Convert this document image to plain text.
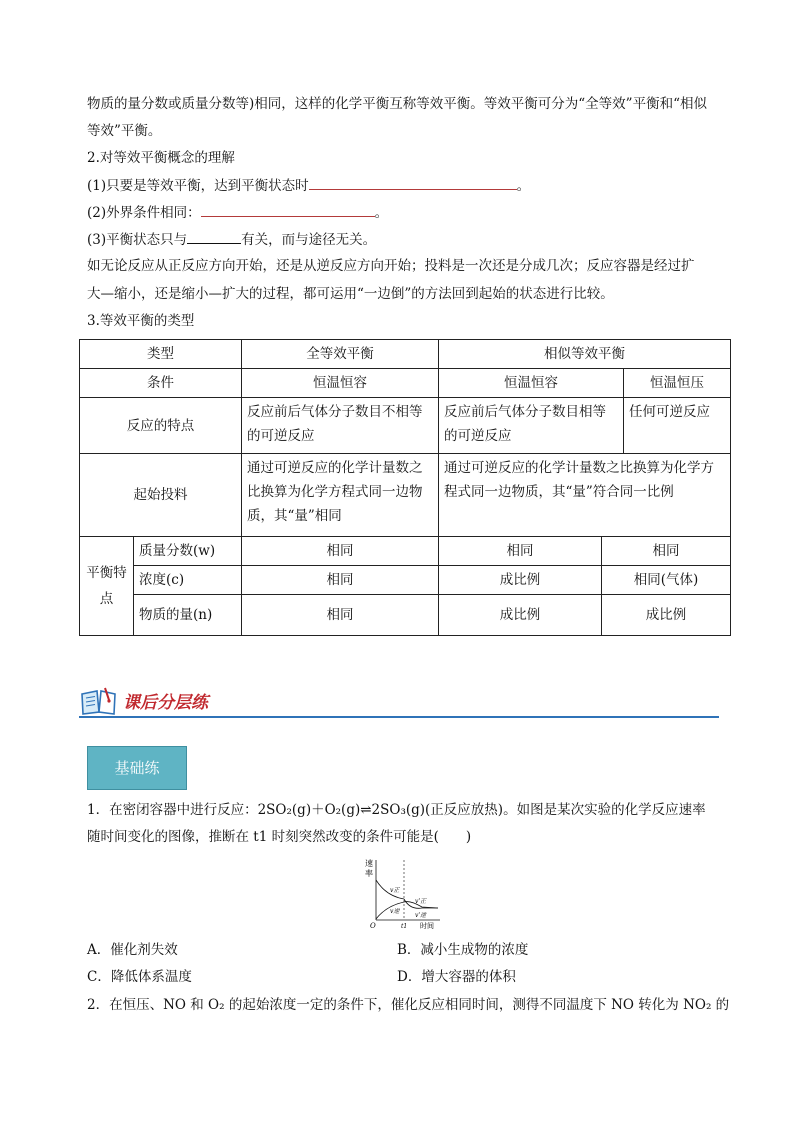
物质的量分数或质量分数等)相同，这样的化学平衡互称等效平衡。等效平衡可分为“全等效”平衡和“相似
等效”平衡。
2.对等效平衡概念的理解
(1)只要是等效平衡，达到平衡状态时	。
(2)外界条件相同：	。
(3)平衡状态只与	有关，而与途径无关。
如无论反应从正反应方向开始，还是从逆反应方向开始；投料是一次还是分成几次；反应容器是经过扩
大—缩小，还是缩小—扩大的过程，都可运用“一边倒”的方法回到起始的状态进行比较。
3.等效平衡的类型
类型		全等效平衡	相似等效平衡		
条件		恒温恒容	恒温恒容		恒温恒压
反应的特点		反应前后气体分子数目不相等的可逆反应	反应前后气体分子数目相等的可逆反应		任何可逆反应
起始投料		通过可逆反应的化学计量数之比换算为化学方程式同一边物质，其“量”相同	通过可逆反应的化学计量数之比换算为化学方程式同一边物质，其“量”符合同一比例		
平衡特点	质量分数(w)	相同	相同	相同	
	浓度(c)	相同	成比例	相同(气体)	
	物质的量(n)	相同	成比例	成比例	
课后分层练
基础练
1．在密闭容器中进行反应：2SO₂(g)＋O₂(g)⇌2SO₃(g)(正反应放热)。如图是某次实验的化学反应速率
随时间变化的图像，推断在 t1 时刻突然改变的条件可能是(　　)
速
率
v正
v逆
v'正
v'逆
O	t1 时间
A．催化剂失效	B．减小生成物的浓度
C．降低体系温度	D．增大容器的体积
2．在恒压、NO 和 O₂ 的起始浓度一定的条件下，催化反应相同时间，测得不同温度下 NO 转化为 NO₂ 的
